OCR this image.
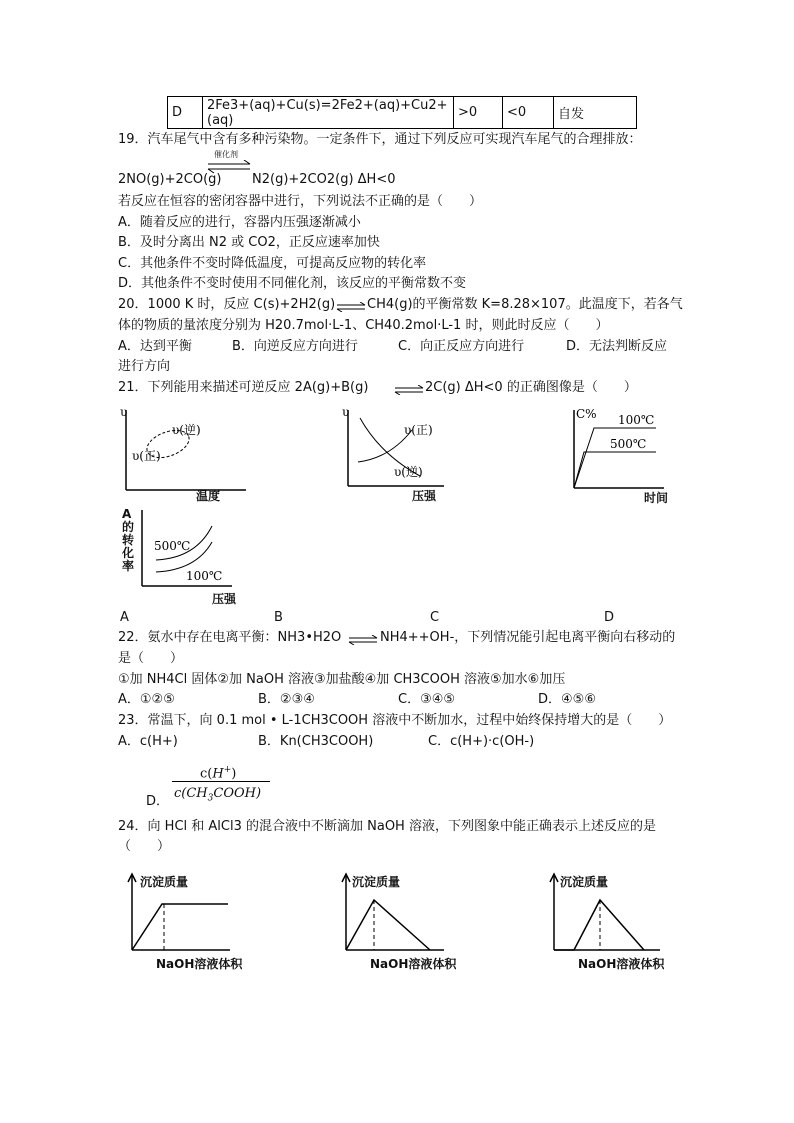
D	2Fe3+(aq)+Cu(s)=2Fe2+(aq)+Cu2+ (aq)	>0	<0	自发
19．汽车尾气中含有多种污染物。一定条件下，通过下列反应可实现汽车尾气的合理排放：
2NO(g)+2CO(g)
催化剂
N2(g)+2CO2(g) ΔH<0
若反应在恒容的密闭容器中进行，下列说法不正确的是（　　）
A．随着反应的进行，容器内压强逐渐减小
B．及时分离出 N2 或 CO2，正反应速率加快
C．其他条件不变时降低温度，可提高反应物的转化率
D．其他条件不变时使用不同催化剂，该反应的平衡常数不变
20．1000 K 时，反应 C(s)+2H2(g) ⇌ CH4(g)的平衡常数 K=8.28×107。此温度下，若各气
体的物质的量浓度分别为 H20.7mol·L-1、CH40.2mol·L-1 时，则此时反应（　　）
A．达到平衡	B．向逆反应方向进行	C．向正反应方向进行	D．无法判断反应
进行方向
21．下列能用来描述可逆反应 2A(g)+B(g) ⇌ 2C(g) ΔH<0 的正确图像是（　　）
υ
υ(逆)
υ(正)
温度
υ
υ(正)
υ(逆)
压强
C% 100℃
500℃
时间
A
的
转
化
率
500℃
100℃
压强
A	B	C	D
22．氨水中存在电离平衡：NH3•H2O ⇌ NH4++OH-，下列情况能引起电离平衡向右移动的
是（　　）
①加 NH4Cl 固体②加 NaOH 溶液③加盐酸④加 CH3COOH 溶液⑤加水⑥加压
A．①②⑤	B．②③④	C．③④⑤	D．④⑤⑥
23．常温下，向 0.1 mol • L-1CH3COOH 溶液中不断加水，过程中始终保持增大的是（　　）
A．c(H+)	B．Kn(CH3COOH)	C．c(H+)·c(OH-)
D．
c(H+)
$c(CH_3COOH)$
24．向 HCl 和 AlCl3 的混合液中不断滴加 NaOH 溶液，下列图象中能正确表示上述反应的是
（　　）
沉淀质量
NaOH溶液体积
沉淀质量
NaOH溶液体积
沉淀质量
NaOH溶液体积
